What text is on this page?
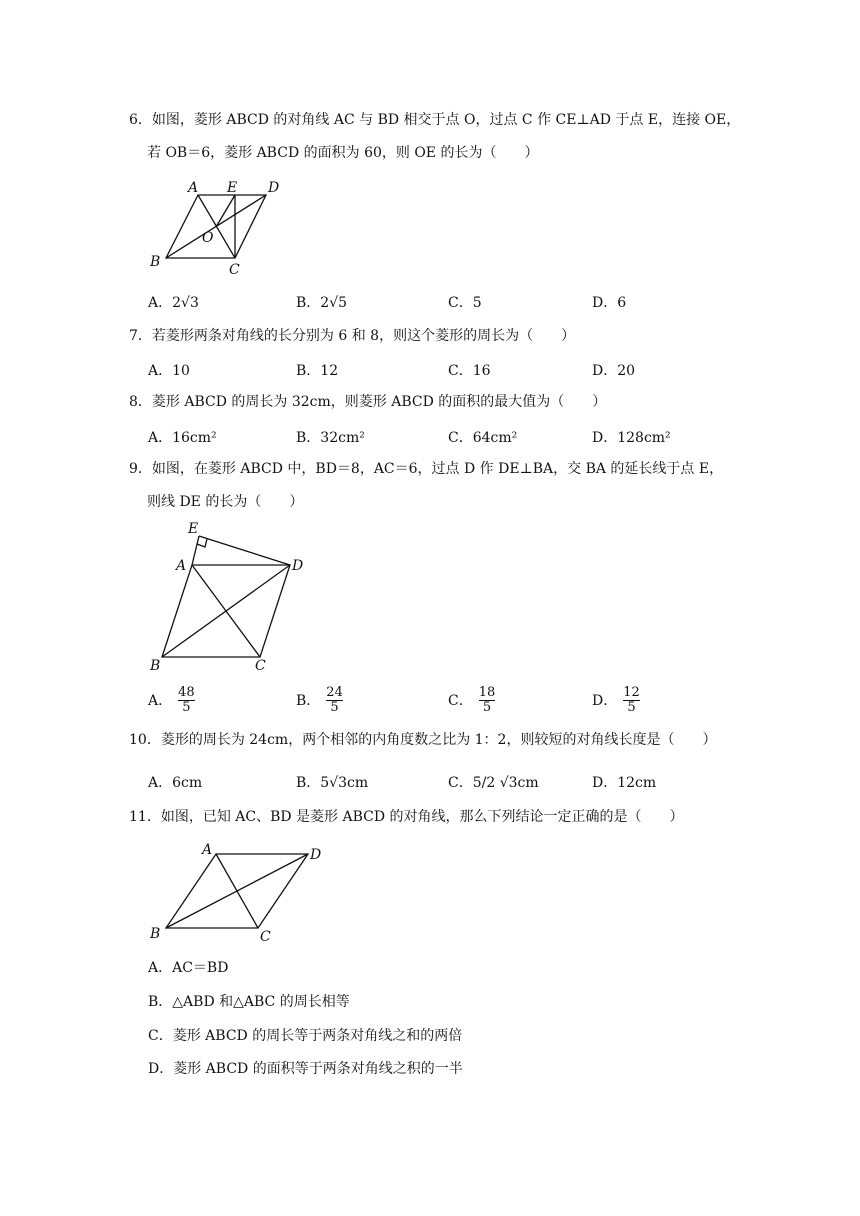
6．如图，菱形 ABCD 的对角线 AC 与 BD 相交于点 O，过点 C 作 CE⊥AD 于点 E，连接 OE，
若 OB＝6，菱形 ABCD 的面积为 60，则 OE 的长为（　　）
A E D
O
B	C
A．2√3	B．2√5	C．5	D．6
7．若菱形两条对角线的长分别为 6 和 8，则这个菱形的周长为（　　）
A．10	B．12	C．16	D．20
8．菱形 ABCD 的周长为 32cm，则菱形 ABCD 的面积的最大值为（　　）
A．16cm²	B．32cm²	C．64cm²	D．128cm²
9．如图，在菱形 ABCD 中，BD＝8，AC＝6，过点 D 作 DE⊥BA，交 BA 的延长线于点 E，
则线 DE 的长为（　　）
E
A	D
B	C
A． $\frac{48}{5}$	B． $\frac{24}{5}$	C． $\frac{18}{5}$	D． $\frac{12}{5}$
10．菱形的周长为 24cm，两个相邻的内角度数之比为 1：2，则较短的对角线长度是（　　）
A．6cm	B．5√3cm	C．5/2 √3cm	D．12cm
11．如图，已知 AC、BD 是菱形 ABCD 的对角线，那么下列结论一定正确的是（　　）
A	D
B	C
A．AC＝BD
B．△ABD 和△ABC 的周长相等
C．菱形 ABCD 的周长等于两条对角线之和的两倍
D．菱形 ABCD 的面积等于两条对角线之积的一半
